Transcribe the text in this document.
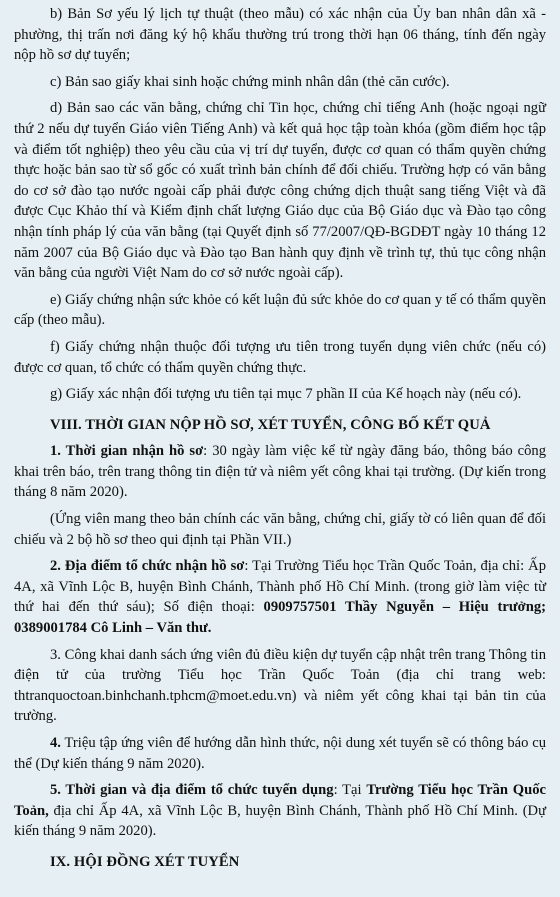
b) Bản Sơ yếu lý lịch tự thuật (theo mẫu) có xác nhận của Ủy ban nhân dân xã - phường, thị trấn nơi đăng ký hộ khẩu thường trú trong thời hạn 06 tháng, tính đến ngày nộp hồ sơ dự tuyển;

c) Bản sao giấy khai sinh hoặc chứng minh nhân dân (thẻ căn cước).

d) Bản sao các văn bằng, chứng chỉ Tin học, chứng chỉ tiếng Anh (hoặc ngoại ngữ thứ 2 nếu dự tuyển Giáo viên Tiếng Anh) và kết quả học tập toàn khóa (gồm điểm học tập và điểm tốt nghiệp) theo yêu cầu của vị trí dự tuyển, được cơ quan có thẩm quyền chứng thực hoặc bản sao từ sổ gốc có xuất trình bản chính để đối chiếu. Trường hợp có văn bằng do cơ sở đào tạo nước ngoài cấp phải được công chứng dịch thuật sang tiếng Việt và đã được Cục Khảo thí và Kiểm định chất lượng Giáo dục của Bộ Giáo dục và Đào tạo công nhận tính pháp lý của văn bằng (tại Quyết định số 77/2007/QĐ-BGDĐT ngày 10 tháng 12 năm 2007 của Bộ Giáo dục và Đào tạo Ban hành quy định về trình tự, thủ tục công nhận văn bằng của người Việt Nam do cơ sở nước ngoài cấp).

e) Giấy chứng nhận sức khỏe có kết luận đủ sức khỏe do cơ quan y tế có thẩm quyền cấp (theo mẫu).

f) Giấy chứng nhận thuộc đối tượng ưu tiên trong tuyển dụng viên chức (nếu có) được cơ quan, tổ chức có thẩm quyền chứng thực.

g) Giấy xác nhận đối tượng ưu tiên tại mục 7 phần II của Kế hoạch này (nếu có).

VIII. THỜI GIAN NỘP HỒ SƠ, XÉT TUYỂN, CÔNG BỐ KẾT QUẢ

1. Thời gian nhận hồ sơ: 30 ngày làm việc kể từ ngày đăng báo, thông báo công khai trên báo, trên trang thông tin điện tử và niêm yết công khai tại trường. (Dự kiến trong tháng 8 năm 2020).

(Ứng viên mang theo bản chính các văn bằng, chứng chỉ, giấy tờ có liên quan để đối chiếu và 2 bộ hồ sơ theo qui định tại Phần VII.)

2. Địa điểm tổ chức nhận hồ sơ: Tại Trường Tiểu học Trần Quốc Toản, địa chỉ: Ấp 4A, xã Vĩnh Lộc B, huyện Bình Chánh, Thành phố Hồ Chí Minh. (trong giờ làm việc từ thứ hai đến thứ sáu); Số điện thoại: 0909757501 Thầy Nguyễn – Hiệu trưởng; 0389001784 Cô Linh – Văn thư.

3. Công khai danh sách ứng viên đủ điều kiện dự tuyển cập nhật trên trang Thông tin điện tử của trường Tiểu học Trần Quốc Toản (địa chỉ trang web: thtranquoctoan.binhchanh.tphcm@moet.edu.vn) và niêm yết công khai tại bản tin của trường.

4. Triệu tập ứng viên để hướng dẫn hình thức, nội dung xét tuyển sẽ có thông báo cụ thể (Dự kiến tháng 9 năm 2020).

5. Thời gian và địa điểm tổ chức tuyển dụng: Tại Trường Tiểu học Trần Quốc Toản, địa chỉ Ấp 4A, xã Vĩnh Lộc B, huyện Bình Chánh, Thành phố Hồ Chí Minh. (Dự kiến tháng 9 năm 2020).

IX. HỘI ĐỒNG XÉT TUYỂN
